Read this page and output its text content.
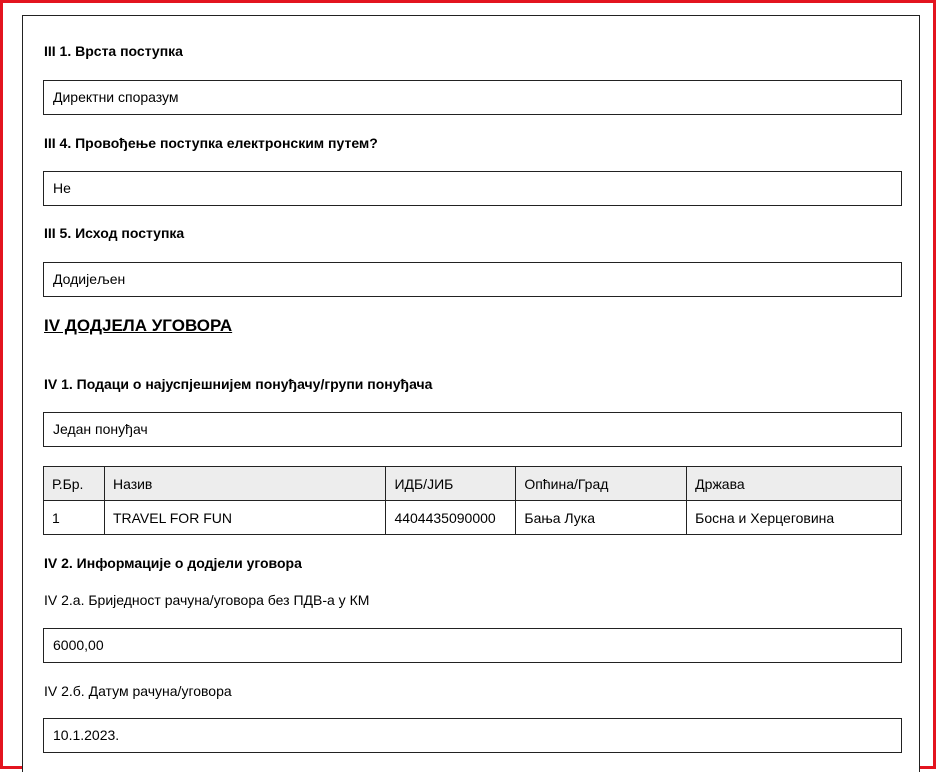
III 1. Врста поступка
Директни споразум
III 4. Провођење поступка електронским путем?
Не
III 5. Исход поступка
Додијељен
IV ДОДЈЕЛА УГОВОРА
IV 1. Подаци о најуспјешнијем понуђачу/групи понуђача
Један понуђач
Р.Бр.	Назив	ИДБ/ЈИБ	Опћина/Град	Држава
1	TRAVEL FOR FUN	4404435090000	Бања Лука	Босна и Херцеговина
IV 2. Информације о додјели уговора
IV 2.а. Бриједност рачуна/уговора без ПДВ-а у КМ
6000,00
IV 2.б. Датум рачуна/уговора
10.1.2023.
